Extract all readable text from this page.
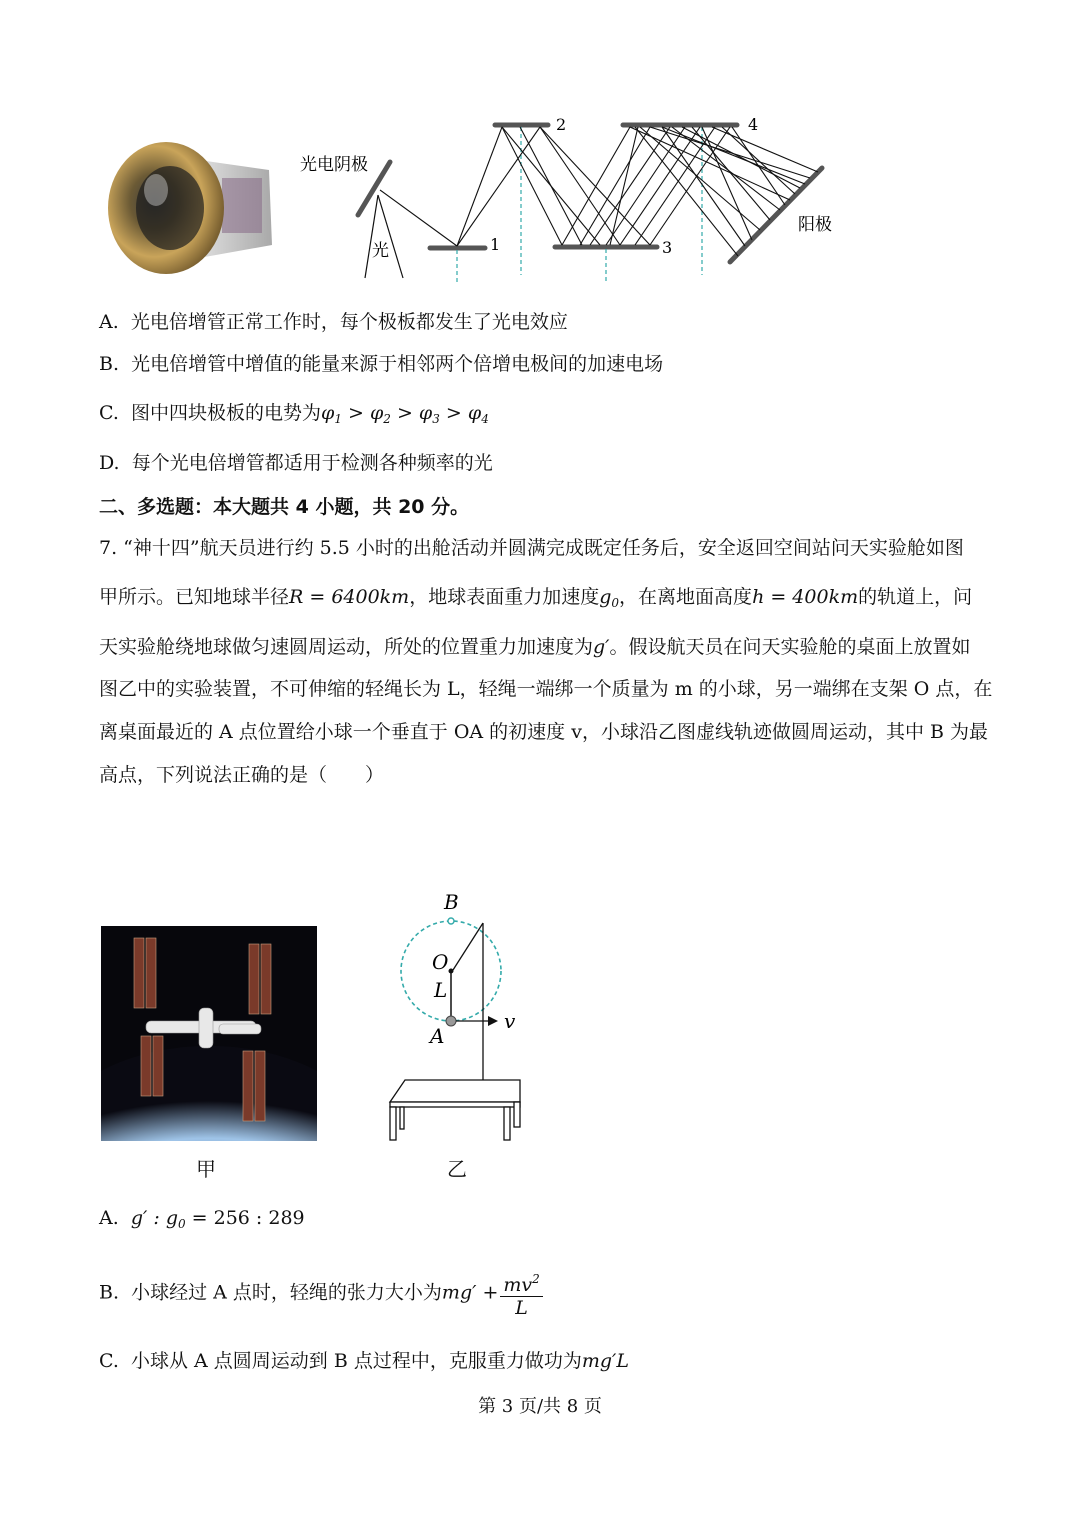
光电阴极
光
阳极
1
2
3
4
A. 光电倍增管正常工作时，每个极板都发生了光电效应
B. 光电倍增管中增值的能量来源于相邻两个倍增电极间的加速电场
C. 图中四块极板的电势为$\varphi_1 > \varphi_2 > \varphi_3 > \varphi_4$
D. 每个光电倍增管都适用于检测各种频率的光
二、多选题：本大题共 4 小题，共 20 分。
7. “神十四”航天员进行约 5.5 小时的出舱活动并圆满完成既定任务后，安全返回空间站问天实验舱如图
甲所示。已知地球半径R = 6400km，地球表面重力加速度$g_0$，在离地面高度h = 400km的轨道上，问
天实验舱绕地球做匀速圆周运动，所处的位置重力加速度为g′。假设航天员在问天实验舱的桌面上放置如
图乙中的实验装置，不可伸缩的轻绳长为 L，轻绳一端绑一个质量为 m 的小球，另一端绑在支架 O 点，在
离桌面最近的 A 点位置给小球一个垂直于 OA 的初速度 v，小球沿乙图虚线轨迹做圆周运动，其中 B 为最
高点，下列说法正确的是（　　）
B
O
L
A
v
甲	乙
A. g′ : $g_0 = 256$ : 289
B. 小球经过 A 点时，轻绳的张力大小为$mg' + \frac{mv^2}{L}$
C. 小球从 A 点圆周运动到 B 点过程中，克服重力做功为mg′L
第 3 页/共 8 页
